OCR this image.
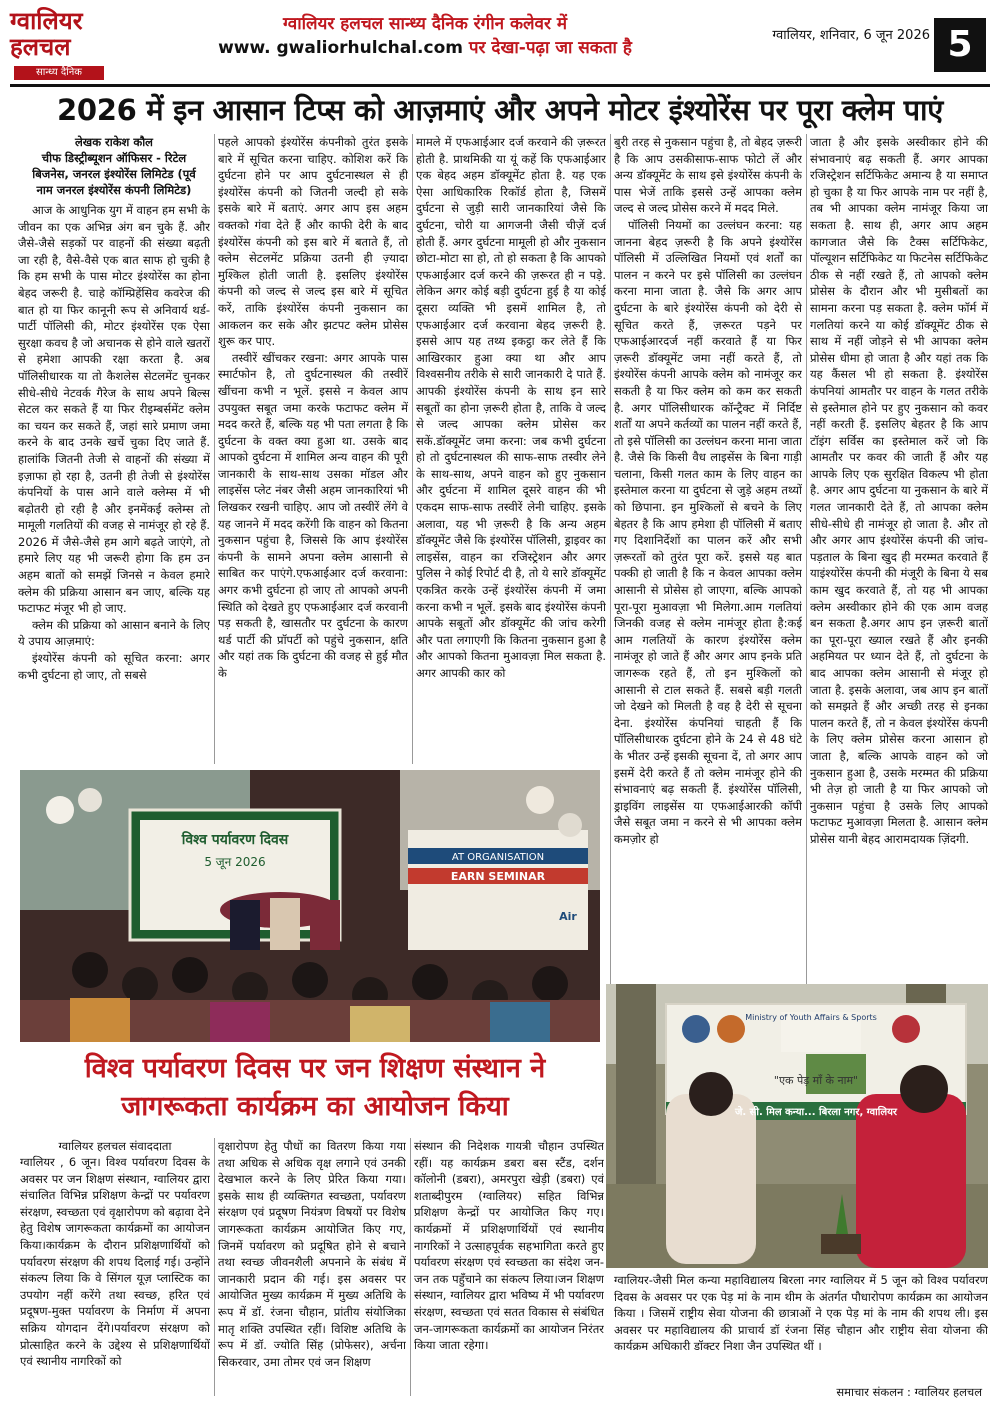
ग्वालियर
हलचल
सान्ध्य दैनिक
ग्वालियर हलचल सान्ध्य दैनिक रंगीन कलेवर में
www. gwaliorhulchal.com पर देखा-पढ़ा जा सकता है
ग्वालियर, शनिवार, 6 जून 2026 5
2026 में इन आसान टिप्स को आज़माएं और अपने मोटर इंश्योरेंस पर पूरा क्लेम पाएं
लेखक राकेश कौल
चीफ डिस्ट्रीब्यूशन ऑफिसर - रिटेल
बिजनेस, जनरल इंश्योरेंस लिमिटेड (पूर्व
नाम जनरल इंश्योरेंस कंपनी लिमिटेड)

आज के आधुनिक युग में वाहन हम सभी के जीवन का एक अभिन्न अंग बन चुके हैं. और जैसे-जैसे सड़कों पर वाहनों की संख्या बढ़ती जा रही है, वैसे-वैसे एक बात साफ हो चुकी है कि हम सभी के पास मोटर इंश्योरेंस का होना बेहद जरूरी है. चाहे कॉम्प्रिहेंसिव कवरेज की बात हो या फिर कानूनी रूप से अनिवार्य थर्ड-पार्टी पॉलिसी की, मोटर इंश्योरेंस एक ऐसा सुरक्षा कवच है जो अचानक से होने वाले खतरों से हमेशा आपकी रक्षा करता है. अब पॉलिसीधारक या तो कैशलेस सेटलमेंट चुनकर सीधे-सीधे नेटवर्क गैरेज के साथ अपने बिल्स सेटल कर सकते हैं या फिर रीइम्बर्समेंट क्लेम का चयन कर सकते हैं, जहां सारे प्रमाण जमा करने के बाद उनके खर्चे चुका दिए जाते हैं. हालांकि जितनी तेजी से वाहनों की संख्या में इज़ाफा हो रहा है, उतनी ही तेजी से इंश्योरेंस कंपनियों के पास आने वाले क्लेम्स में भी बढ़ोतरी हो रही है और इनमेंकई क्लेम्स तो मामूली गलतियों की वजह से नामंजूर हो रहे हैं. 2026 में जैसे-जैसे हम आगे बढ़ते जाएंगे, तो हमारे लिए यह भी जरूरी होगा कि हम उन अहम बातों को समझें जिनसे न केवल हमारे क्लेम की प्रक्रिया आसान बन जाए, बल्कि यह फटाफट मंजूर भी हो जाए.

क्लेम की प्रक्रिया को आसान बनाने के लिए ये उपाय आज़माएं:

इंश्योरेंस कंपनी को सूचित करना: अगर कभी दुर्घटना हो जाए, तो सबसे

पहले आपको इंश्योरेंस कंपनीको तुरंत इसके बारे में सूचित करना चाहिए. कोशिश करें कि दुर्घटना होने पर आप दुर्घटनास्थल से ही इंश्योरेंस कंपनी को जितनी जल्दी हो सके इसके बारे में बताएं. अगर आप इस अहम वक्तको गंवा देते हैं और काफी देरी के बाद इंश्योरेंस कंपनी को इस बारे में बताते हैं, तो क्लेम सेटलमेंट प्रक्रिया उतनी ही ज़्यादा मुश्किल होती जाती है. इसलिए इंश्योरेंस कंपनी को जल्द से जल्द इस बारे में सूचित करें, ताकि इंश्योरेंस कंपनी नुकसान का आकलन कर सके और झटपट क्लेम प्रोसेस शुरू कर पाए.

तस्वीरें खींचकर रखना: अगर आपके पास स्मार्टफोन है, तो दुर्घटनास्थल की तस्वीरें खींचना कभी न भूलें. इससे न केवल आप उपयुक्त सबूत जमा करके फटाफट क्लेम में मदद करते हैं, बल्कि यह भी पता लगता है कि दुर्घटना के वक्त क्या हुआ था. उसके बाद आपको दुर्घटना में शामिल अन्य वाहन की पूरी जानकारी के साथ-साथ उसका मॉडल और लाइसेंस प्लेट नंबर जैसी अहम जानकारियां भी लिखकर रखनी चाहिए. आप जो तस्वीरें लेंगे वे यह जानने में मदद करेंगी कि वाहन को कितना नुकसान पहुंचा है, जिससे कि आप इंश्योरेंस कंपनी के सामने अपना क्लेम आसानी से साबित कर पाएंगे.एफआईआर दर्ज करवाना: अगर कभी दुर्घटना हो जाए तो आपको अपनी स्थिति को देखते हुए एफआईआर दर्ज करवानी पड़ सकती है, खासतौर पर दुर्घटना के कारण थर्ड पार्टी की प्रॉपर्टी को पहुंचे नुकसान, क्षति और यहां तक कि दुर्घटना की वजह से हुई मौत के

मामले में एफआईआर दर्ज करवाने की ज़रूरत होती है. प्राथमिकी या यूं कहें कि एफआईआर एक बेहद अहम डॉक्यूमेंट होता है. यह एक ऐसा आधिकारिक रिकॉर्ड होता है, जिसमें दुर्घटना से जुड़ी सारी जानकारियां जैसे कि दुर्घटना, चोरी या आगजनी जैसी चीज़ें दर्ज होती हैं. अगर दुर्घटना मामूली हो और नुकसान छोटा-मोटा सा हो, तो हो सकता है कि आपको एफआईआर दर्ज करने की ज़रूरत ही न पड़े. लेकिन अगर कोई बड़ी दुर्घटना हुई है या कोई दूसरा व्यक्ति भी इसमें शामिल है, तो एफआईआर दर्ज करवाना बेहद ज़रूरी है. इससे आप यह तथ्य इकट्ठा कर लेते हैं कि आखिरकार हुआ क्या था और आप विश्वसनीय तरीके से सारी जानकारी दे पाते हैं. आपकी इंश्योरेंस कंपनी के साथ इन सारे सबूतों का होना ज़रूरी होता है, ताकि वे जल्द से जल्द आपका क्लेम प्रोसेस कर सकें.डॉक्यूमेंट जमा करना: जब कभी दुर्घटना हो तो दुर्घटनास्थल की साफ-साफ तस्वीर लेने के साथ-साथ, अपने वाहन को हुए नुकसान और दुर्घटना में शामिल दूसरे वाहन की भी एकदम साफ-साफ तस्वीरें लेनी चाहिए. इसके अलावा, यह भी ज़रूरी है कि अन्य अहम डॉक्यूमेंट जैसे कि इंश्योरेंस पॉलिसी, ड्राइवर का लाइसेंस, वाहन का रजिस्ट्रेशन और अगर पुलिस ने कोई रिपोर्ट दी है, तो ये सारे डॉक्यूमेंट एकत्रित करके उन्हें इंश्योरेंस कंपनी में जमा करना कभी न भूलें. इसके बाद इंश्योरेंस कंपनी आपके सबूतों और डॉक्यूमेंट की जांच करेगी और पता लगाएगी कि कितना नुकसान हुआ है और आपको कितना मुआवज़ा मिल सकता है. अगर आपकी कार को

बुरी तरह से नुकसान पहुंचा है, तो बेहद ज़रूरी है कि आप उसकीसाफ-साफ फोटो लें और अन्य डॉक्यूमेंट के साथ इसे इंश्योरेंस कंपनी के पास भेजें ताकि इससे उन्हें आपका क्लेम जल्द से जल्द प्रोसेस करने में मदद मिले.

पॉलिसी नियमों का उल्लंघन करना: यह जानना बेहद ज़रूरी है कि अपने इंश्योरेंस पॉलिसी में उल्लिखित नियमों एवं शर्तों का पालन न करने पर इसे पॉलिसी का उल्लंघन करना माना जाता है. जैसे कि अगर आप दुर्घटना के बारे इंश्योरेंस कंपनी को देरी से सूचित करते हैं, ज़रूरत पड़ने पर एफआईआरदर्ज नहीं करवाते हैं या फिर ज़रूरी डॉक्यूमेंट जमा नहीं करते हैं, तो इंश्योरेंस कंपनी आपके क्लेम को नामंजूर कर सकती है या फिर क्लेम को कम कर सकती है. अगर पॉलिसीधारक कॉन्ट्रैक्ट में निर्दिष्ट शर्तों या अपने कर्तव्यों का पालन नहीं करते हैं, तो इसे पॉलिसी का उल्लंघन करना माना जाता है. जैसे कि किसी वैध लाइसेंस के बिना गाड़ी चलाना, किसी गलत काम के लिए वाहन का इस्तेमाल करना या दुर्घटना से जुड़े अहम तथ्यों को छिपाना. इन मुश्किलों से बचने के लिए बेहतर है कि आप हमेशा ही पॉलिसी में बताए गए दिशानिर्देशों का पालन करें और सभी ज़रूरतों को तुरंत पूरा करें. इससे यह बात पक्की हो जाती है कि न केवल आपका क्लेम आसानी से प्रोसेस हो जाएगा, बल्कि आपको पूरा-पूरा मुआवज़ा भी मिलेगा.आम गलतियां जिनकी वजह से क्लेम नामंजूर होता है:कई आम गलतियों के कारण इंश्योरेंस क्लेम नामंजूर हो जाते हैं और अगर आप इनके प्रति जागरूक रहते हैं, तो इन मुश्किलों को आसानी से टाल सकते हैं. सबसे बड़ी गलती जो देखने को मिलती है वह है देरी से सूचना देना. इंश्योरेंस कंपनियां चाहती हैं कि पॉलिसीधारक दुर्घटना होने के 24 से 48 घंटे के भीतर उन्हें इसकी सूचना दें, तो अगर आप इसमें देरी करते हैं तो क्लेम नामंजूर होने की संभावनाएं बढ़ सकती हैं. इंश्योरेंस पॉलिसी, ड्राइविंग लाइसेंस या एफआईआरकी कॉपी जैसे सबूत जमा न करने से भी आपका क्लेम कमज़ोर हो

जाता है और इसके अस्वीकार होने की संभावनाएं बढ़ सकती हैं. अगर आपका रजिस्ट्रेशन सर्टिफिकेट अमान्य है या समाप्त हो चुका है या फिर आपके नाम पर नहीं है, तब भी आपका क्लेम नामंजूर किया जा सकता है. साथ ही, अगर आप अहम कागजात जैसे कि टैक्स सर्टिफिकेट, पॉल्यूशन सर्टिफिकेट या फिटनेस सर्टिफिकेट ठीक से नहीं रखते हैं, तो आपको क्लेम प्रोसेस के दौरान और भी मुसीबतों का सामना करना पड़ सकता है. क्लेम फॉर्म में गलतियां करने या कोई डॉक्यूमेंट ठीक से साथ में नहीं जोड़ने से भी आपका क्लेम प्रोसेस धीमा हो जाता है और यहां तक कि यह कैंसल भी हो सकता है. इंश्योरेंस कंपनियां आमतौर पर वाहन के गलत तरीके से इस्तेमाल होने पर हुए नुकसान को कवर नहीं करती हैं. इसलिए बेहतर है कि आप टॉइंग सर्विस का इस्तेमाल करें जो कि आमतौर पर कवर की जाती हैं और यह आपके लिए एक सुरक्षित विकल्प भी होता है. अगर आप दुर्घटना या नुकसान के बारे में गलत जानकारी देते हैं, तो आपका क्लेम सीधे-सीधे ही नामंजूर हो जाता है. और तो और अगर आप इंश्योरेंस कंपनी की जांच-पड़ताल के बिना खुद ही मरम्मत करवाते हैं याइंश्योरेंस कंपनी की मंजूरी के बिना ये सब काम खुद करवाते हैं, तो यह भी आपका क्लेम अस्वीकार होने की एक आम वजह बन सकता है.अगर आप इन ज़रूरी बातों का पूरा-पूरा ख्याल रखते हैं और इनकी अहमियत पर ध्यान देते हैं, तो दुर्घटना के बाद आपका क्लेम आसानी से मंजूर हो जाता है. इसके अलावा, जब आप इन बातों को समझते हैं और अच्छी तरह से इनका पालन करते हैं, तो न केवल इंश्योरेंस कंपनी के लिए क्लेम प्रोसेस करना आसान हो जाता है, बल्कि आपके वाहन को जो नुकसान हुआ है, उसके मरम्मत की प्रक्रिया भी तेज़ हो जाती है या फिर आपको जो नुकसान पहुंचा है उसके लिए आपको फटाफट मुआवज़ा मिलता है. आसान क्लेम प्रोसेस यानी बेहद आरामदायक ज़िंदगी.

विश्व पर्यावरण दिवस
5 जून 2026	AT ORGANISATION
EARN SEMINAR
Air
विश्व पर्यावरण दिवस पर जन शिक्षण संस्थान ने
जागरूकता कार्यक्रम का आयोजन किया
ग्वालियर हलचल संवाददाता

ग्वालियर , 6 जून। विश्व पर्यावरण दिवस के अवसर पर जन शिक्षण संस्थान, ग्वालियर द्वारा संचालित विभिन्न प्रशिक्षण केन्द्रों पर पर्यावरण संरक्षण, स्वच्छता एवं वृक्षारोपण को बढ़ावा देने हेतु विशेष जागरूकता कार्यक्रमों का आयोजन किया।कार्यक्रम के दौरान प्रशिक्षणार्थियों को पर्यावरण संरक्षण की शपथ दिलाई गई। उन्होंने संकल्प लिया कि वे सिंगल यूज़ प्लास्टिक का उपयोग नहीं करेंगे तथा स्वच्छ, हरित एवं प्रदूषण-मुक्त पर्यावरण के निर्माण में अपना सक्रिय योगदान देंगे।पर्यावरण संरक्षण को प्रोत्साहित करने के उद्देश्य से प्रशिक्षणार्थियों एवं स्थानीय नागरिकों को

वृक्षारोपण हेतु पौधों का वितरण किया गया तथा अधिक से अधिक वृक्ष लगाने एवं उनकी देखभाल करने के लिए प्रेरित किया गया। इसके साथ ही व्यक्तिगत स्वच्छता, पर्यावरण संरक्षण एवं प्रदूषण नियंत्रण विषयों पर विशेष जागरूकता कार्यक्रम आयोजित किए गए, जिनमें पर्यावरण को प्रदूषित होने से बचाने तथा स्वच्छ जीवनशैली अपनाने के संबंध में जानकारी प्रदान की गई। इस अवसर पर आयोजित मुख्य कार्यक्रम में मुख्य अतिथि के रूप में डॉ. रंजना चौहान, प्रांतीय संयोजिका मातृ शक्ति उपस्थित रहीं। विशिष्ट अतिथि के रूप में डॉ. ज्योति सिंह (प्रोफेसर), अर्चना सिकरवार, उमा तोमर एवं जन शिक्षण

संस्थान की निदेशक गायत्री चौहान उपस्थित रहीं। यह कार्यक्रम डबरा बस स्टैंड, दर्शन कॉलोनी (डबरा), अमरपुरा खेड़ी (डबरा) एवं शताब्दीपुरम (ग्वालियर) सहित विभिन्न प्रशिक्षण केन्द्रों पर आयोजित किए गए। कार्यक्रमों में प्रशिक्षणार्थियों एवं स्थानीय नागरिकों ने उत्साहपूर्वक सहभागिता करते हुए पर्यावरण संरक्षण एवं स्वच्छता का संदेश जन-जन तक पहुँचाने का संकल्प लिया।जन शिक्षण संस्थान, ग्वालियर द्वारा भविष्य में भी पर्यावरण संरक्षण, स्वच्छता एवं सतत विकास से संबंधित जन-जागरूकता कार्यक्रमों का आयोजन निरंतर किया जाता रहेगा।

Ministry of Youth Affairs & Sports
"एक पेड़ माँ के नाम"
जे. सी. मिल कन्या... बिरला नगर, ग्वालियर
ग्वालियर-जैसी मिल कन्या महाविद्यालय बिरला नगर ग्वालियर में 5 जून को विश्व पर्यावरण दिवस के अवसर पर एक पेड़ मां के नाम थीम के अंतर्गत पौधारोपण कार्यक्रम का आयोजन किया । जिसमें राष्ट्रीय सेवा योजना की छात्राओं ने एक पेड़ मां के नाम की शपथ ली। इस अवसर पर महाविद्यालय की प्राचार्य डॉ रंजना सिंह चौहान और राष्ट्रीय सेवा योजना की कार्यक्रम अधिकारी डॉक्टर निशा जैन उपस्थित थीं ।
समाचार संकलन : ग्वालियर हलचल
